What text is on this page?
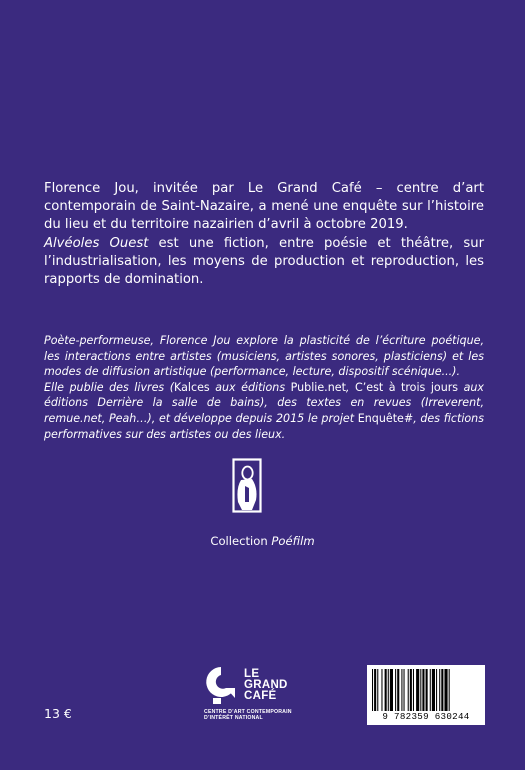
Florence Jou, invitée par Le Grand Café – centre d’art contemporain de Saint-Nazaire, a mené une enquête sur l’histoire du lieu et du territoire nazairien d’avril à octobre 2019.

Alvéoles Ouest est une fiction, entre poésie et théâtre, sur l’industrialisation, les moyens de production et reproduction, les rapports de domination.

Poète-performeuse, Florence Jou explore la plasticité de l’écriture poétique, les interactions entre artistes (musiciens, artistes sonores, plasticiens) et les modes de diffusion artistique (performance, lecture, dispositif scénique...).

Elle publie des livres (Kalces aux éditions Publie.net, C’est à trois jours aux éditions Derrière la salle de bains), des textes en revues (Irreverent, remue.net, Peah…), et développe depuis 2015 le projet Enquête#, des fictions performatives sur des artistes ou des lieux.

Collection Poéfilm
13 €
LE
GRAND
CAFÉ
CENTRE D’ART CONTEMPORAIN
D’INTÉRÊT NATIONAL	9 782359 630244
